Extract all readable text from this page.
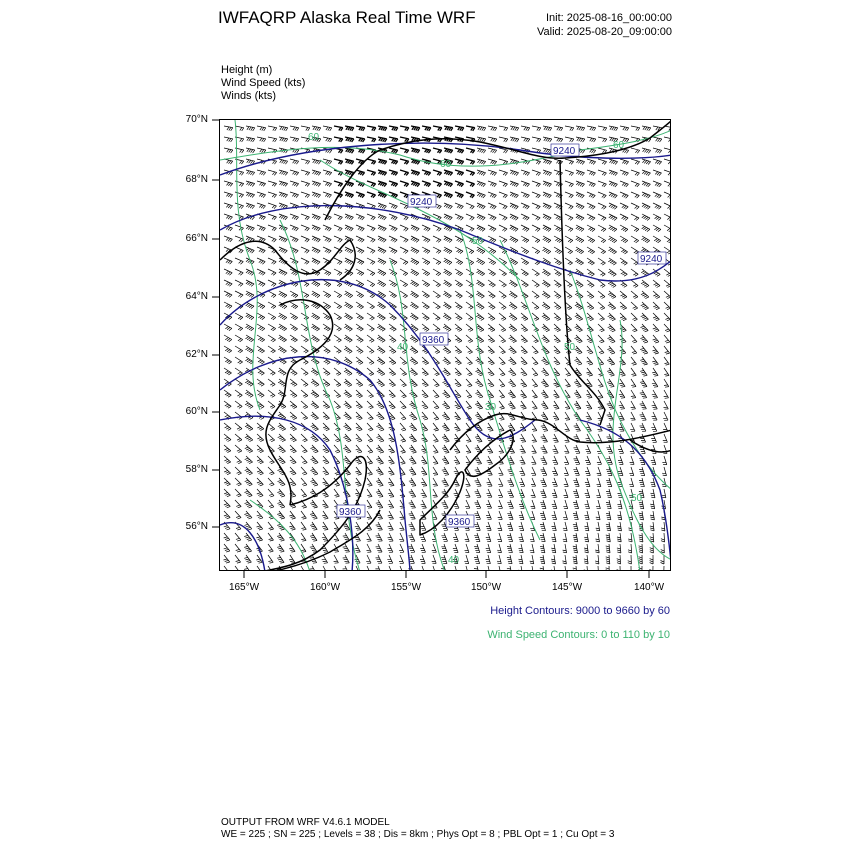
IWFAQRP Alaska Real Time WRF	Init: 2025-08-16_00:00:00
Valid: 2025-08-20_09:00:00
Height (m)
Wind Speed (kts)
Winds (kts)
70°N
68°N
66°N
64°N
62°N
60°N
58°N
56°N
165°W	160°W	155°W	150°W	145°W	140°W
9240
9240
9240
9360
9360
9360
60
60
60
50
40	50
30
50
40
Height Contours: 9000 to 9660 by 60
Wind Speed Contours: 0 to 110 by 10
OUTPUT FROM WRF V4.6.1 MODEL
WE = 225 ; SN = 225 ; Levels = 38 ; Dis = 8km ; Phys Opt = 8 ; PBL Opt = 1 ; Cu Opt = 3
